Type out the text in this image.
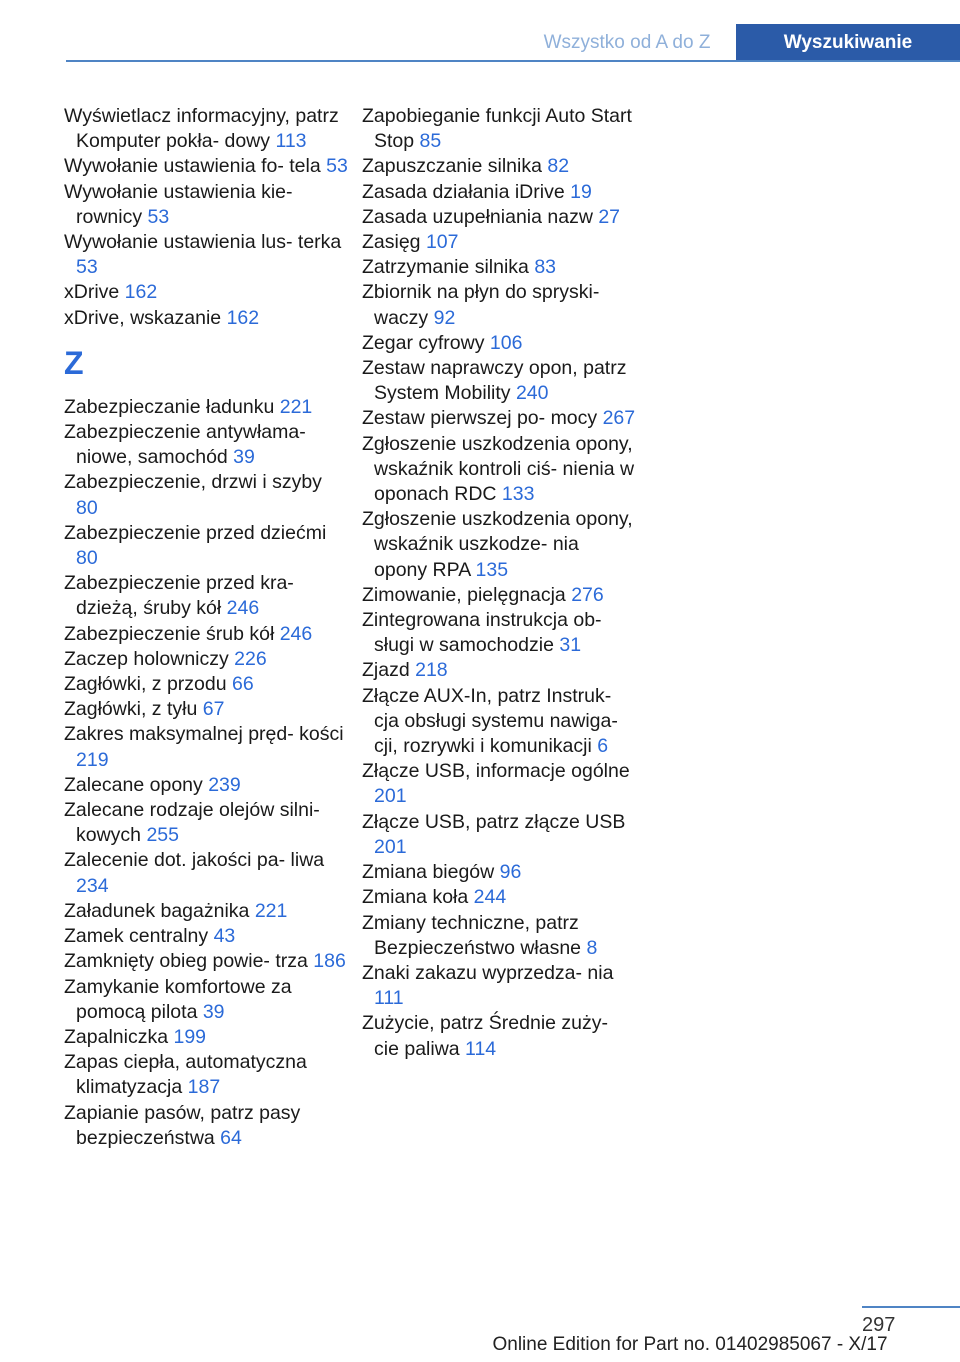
Wszystko od A do Z	Wyszukiwanie
Wyświetlacz informacyjny, patrz Komputer pokła‐ dowy 113
Wywołanie ustawienia fo‐ tela 53
Wywołanie ustawienia kie‐ rownicy 53
Wywołanie ustawienia lus‐ terka 53
xDrive 162
xDrive, wskazanie 162
Z
Zabezpieczanie ładunku 221
Zabezpieczenie antywłama‐ niowe, samochód 39
Zabezpieczenie, drzwi i szyby 80
Zabezpieczenie przed dziećmi 80
Zabezpieczenie przed kra‐ dzieżą, śruby kół 246
Zabezpieczenie śrub kół 246
Zaczep holowniczy 226
Zagłówki, z przodu 66
Zagłówki, z tyłu 67
Zakres maksymalnej pręd‐ kości 219
Zalecane opony 239
Zalecane rodzaje olejów silni‐ kowych 255
Zalecenie dot. jakości pa‐ liwa 234
Załadunek bagażnika 221
Zamek centralny 43
Zamknięty obieg powie‐ trza 186
Zamykanie komfortowe za pomocą pilota 39
Zapalniczka 199
Zapas ciepła, automatyczna klimatyzacja 187
Zapianie pasów, patrz pasy bezpieczeństwa 64
Zapobieganie funkcji Auto Start Stop 85
Zapuszczanie silnika 82
Zasada działania iDrive 19
Zasada uzupełniania nazw 27
Zasięg 107
Zatrzymanie silnika 83
Zbiornik na płyn do spryski‐ waczy 92
Zegar cyfrowy 106
Zestaw naprawczy opon, patrz System Mobility 240
Zestaw pierwszej po‐ mocy 267
Zgłoszenie uszkodzenia opony, wskaźnik kontroli ciś‐ nienia w oponach RDC 133
Zgłoszenie uszkodzenia opony, wskaźnik uszkodze‐ nia opony RPA 135
Zimowanie, pielęgnacja 276
Zintegrowana instrukcja ob‐ sługi w samochodzie 31
Zjazd 218
Złącze AUX-In, patrz Instruk‐ cja obsługi systemu nawiga‐ cji, rozrywki i komunikacji 6
Złącze USB, informacje ogólne 201
Złącze USB, patrz złącze USB 201
Zmiana biegów 96
Zmiana koła 244
Zmiany techniczne, patrz Bezpieczeństwo własne 8
Znaki zakazu wyprzedza‐ nia 111
Zużycie, patrz Średnie zuży‐ cie paliwa 114
297
Online Edition for Part no. 01402985067 - X/17
